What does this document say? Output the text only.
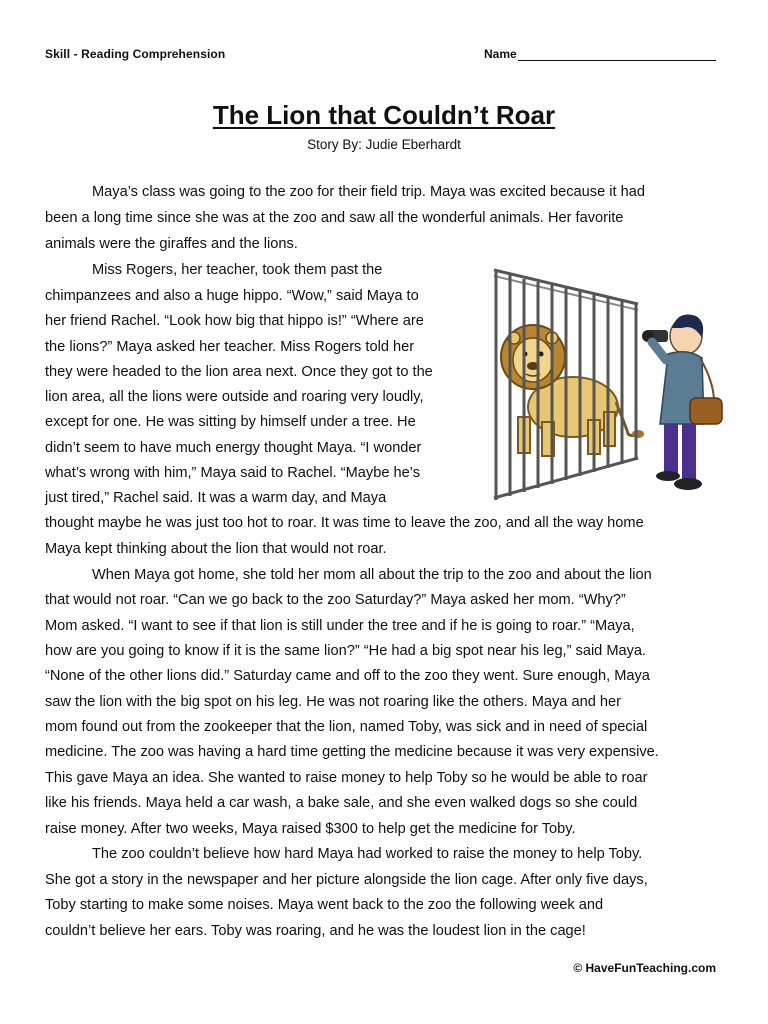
Skill - Reading Comprehension	Name
The Lion that Couldn’t Roar
Story By: Judie Eberhardt
Maya’s class was going to the zoo for their field trip. Maya was excited because it had
been a long time since she was at the zoo and saw all the wonderful animals. Her favorite
animals were the giraffes and the lions.
Miss Rogers, her teacher, took them past the
chimpanzees and also a huge hippo. “Wow,” said Maya to
her friend Rachel. “Look how big that hippo is!” “Where are
the lions?” Maya asked her teacher. Miss Rogers told her
they were headed to the lion area next. Once they got to the
lion area, all the lions were outside and roaring very loudly,
except for one. He was sitting by himself under a tree. He
didn’t seem to have much energy thought Maya. “I wonder
what’s wrong with him,” Maya said to Rachel. “Maybe he’s
just tired,” Rachel said. It was a warm day, and Maya
thought maybe he was just too hot to roar. It was time to leave the zoo, and all the way home
Maya kept thinking about the lion that would not roar.
When Maya got home, she told her mom all about the trip to the zoo and about the lion
that would not roar. “Can we go back to the zoo Saturday?” Maya asked her mom. “Why?”
Mom asked. “I want to see if that lion is still under the tree and if he is going to roar.” “Maya,
how are you going to know if it is the same lion?” “He had a big spot near his leg,” said Maya.
“None of the other lions did.” Saturday came and off to the zoo they went. Sure enough, Maya
saw the lion with the big spot on his leg. He was not roaring like the others. Maya and her
mom found out from the zookeeper that the lion, named Toby, was sick and in need of special
medicine. The zoo was having a hard time getting the medicine because it was very expensive.
This gave Maya an idea. She wanted to raise money to help Toby so he would be able to roar
like his friends. Maya held a car wash, a bake sale, and she even walked dogs so she could
raise money. After two weeks, Maya raised $300 to help get the medicine for Toby.
The zoo couldn’t believe how hard Maya had worked to raise the money to help Toby.
She got a story in the newspaper and her picture alongside the lion cage. After only five days,
Toby starting to make some noises. Maya went back to the zoo the following week and
couldn’t believe her ears. Toby was roaring, and he was the loudest lion in the cage!
© HaveFunTeaching.com
